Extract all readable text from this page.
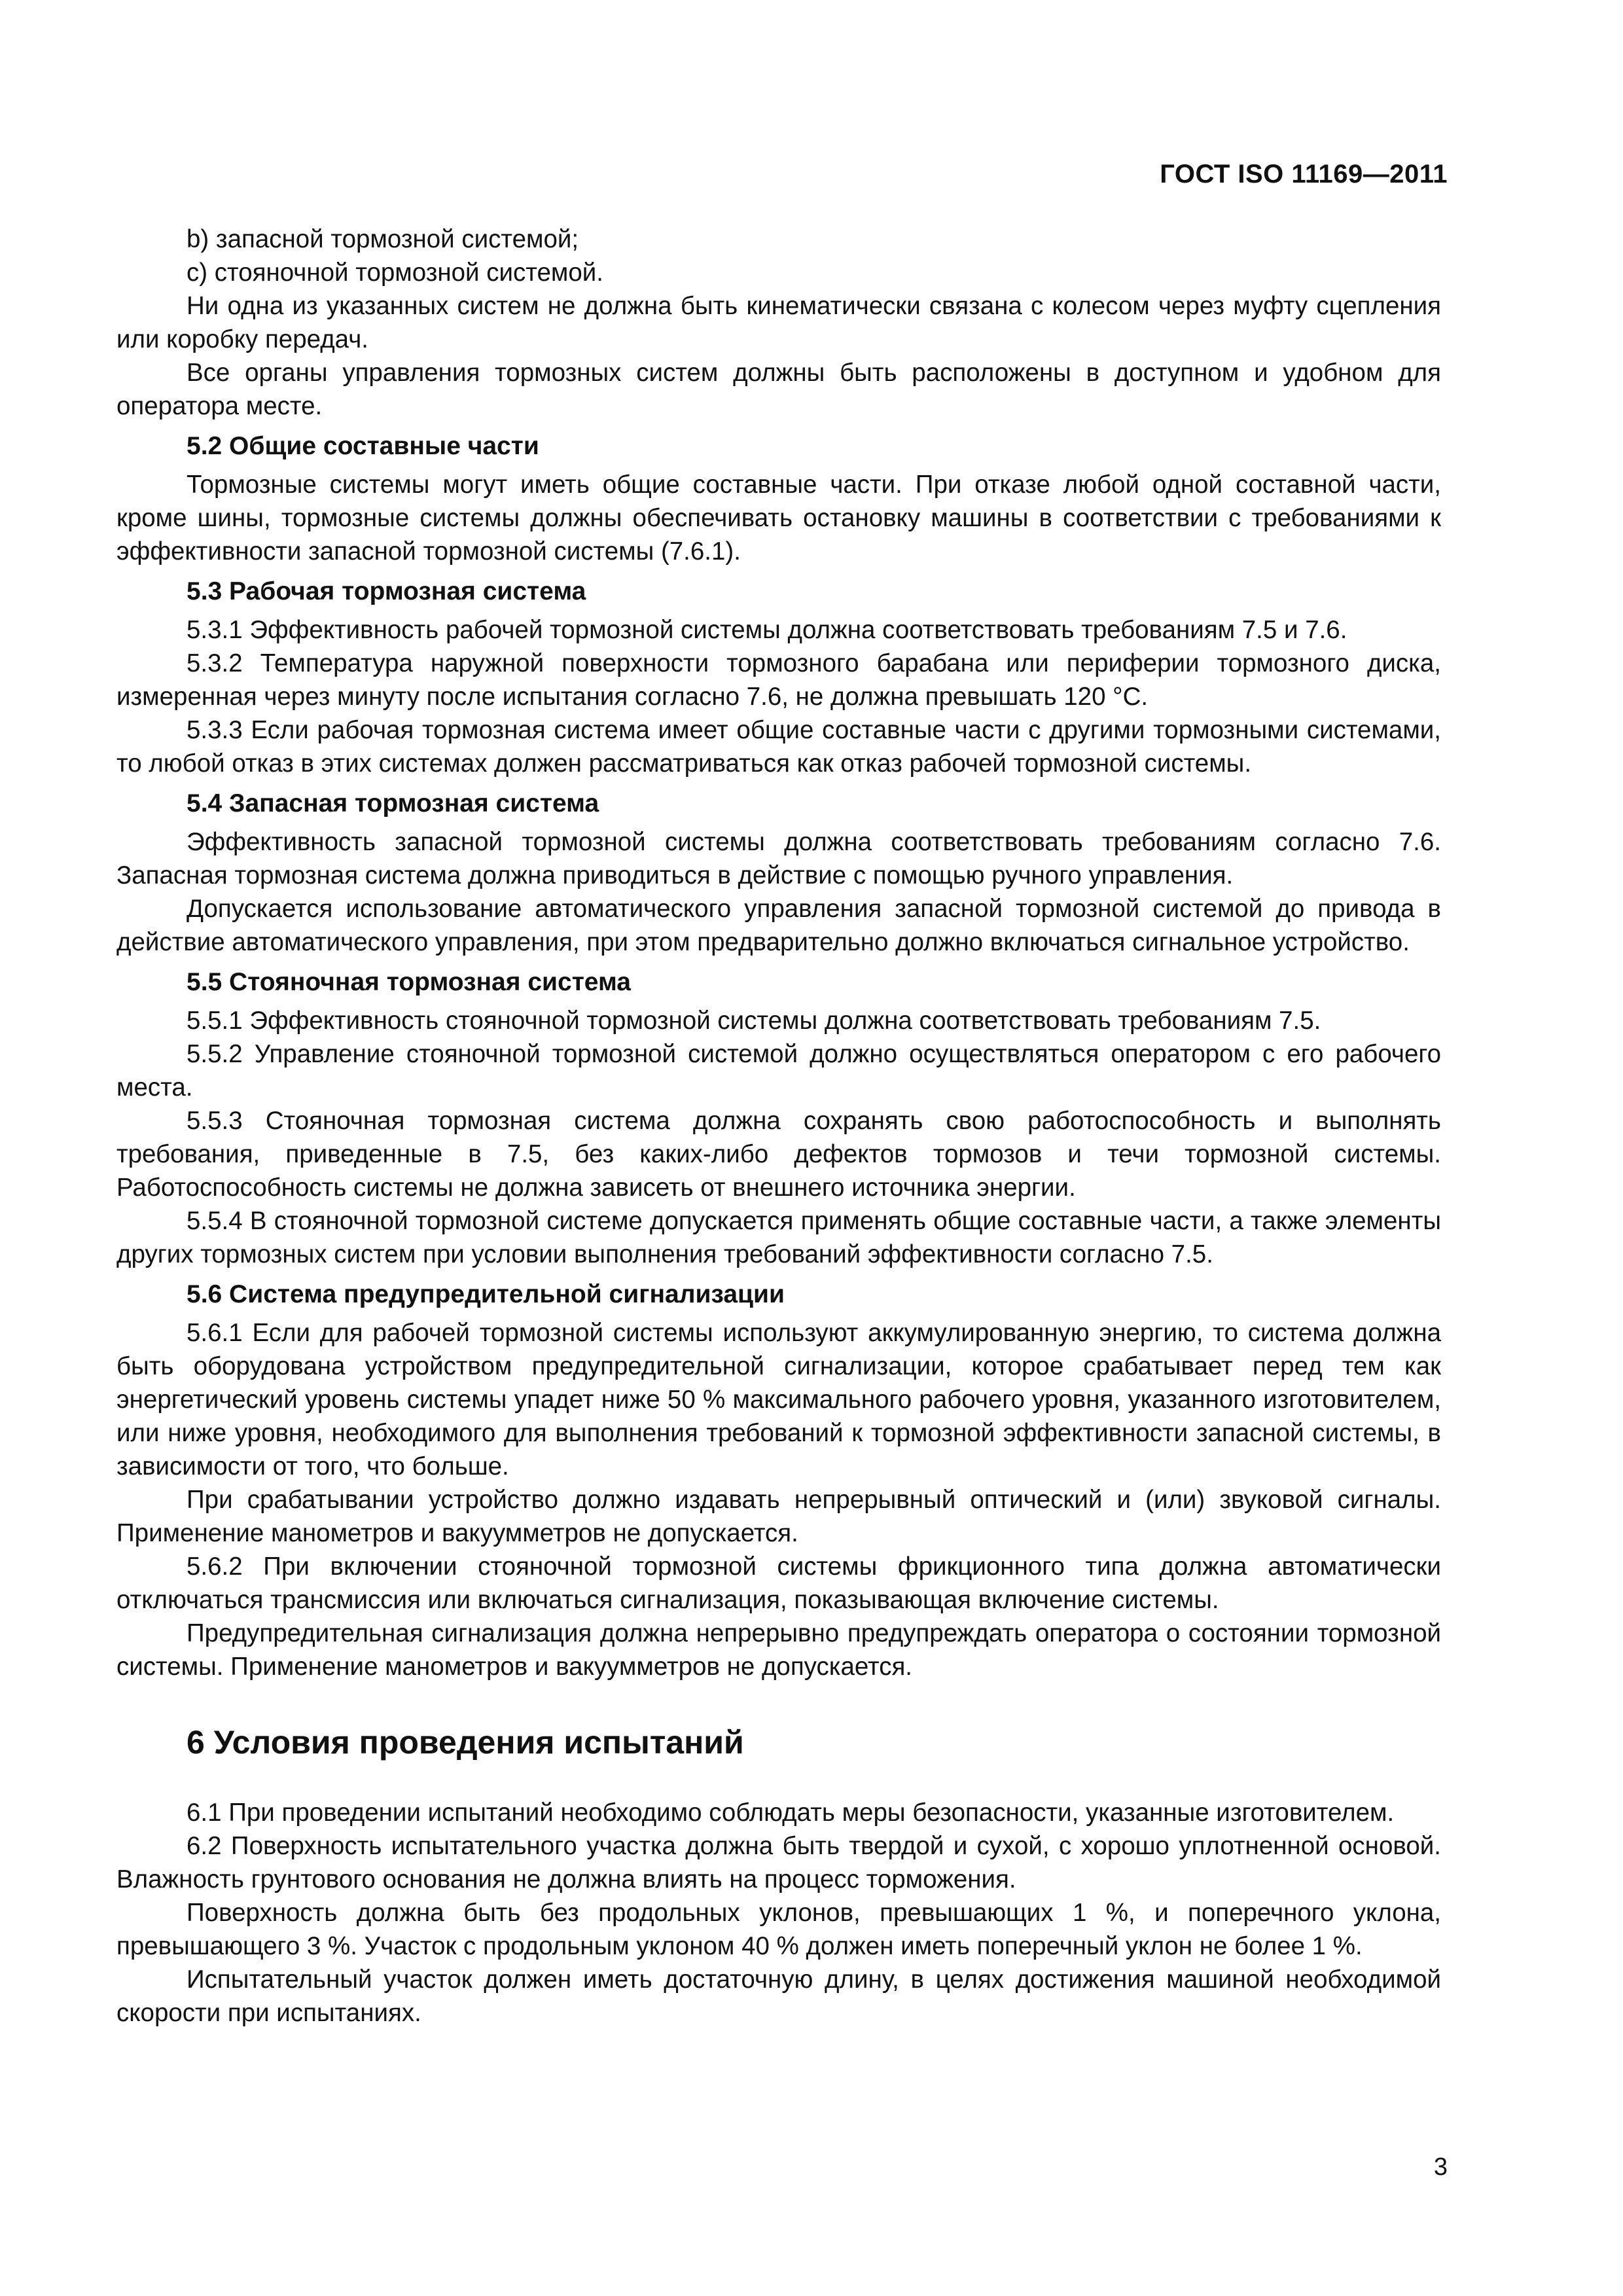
ГОСТ ISO 11169—2011

b) запасной тормозной системой;

c) стояночной тормозной системой.

Ни одна из указанных систем не должна быть кинематически связана с колесом через муфту сцепления или коробку передач.

Все органы управления тормозных систем должны быть расположены в доступном и удобном для оператора месте.

5.2 Общие составные части

Тормозные системы могут иметь общие составные части. При отказе любой одной составной части, кроме шины, тормозные системы должны обеспечивать остановку машины в соответствии с требованиями к эффективности запасной тормозной системы (7.6.1).

5.3 Рабочая тормозная система

5.3.1 Эффективность рабочей тормозной системы должна соответствовать требованиям 7.5 и 7.6.

5.3.2 Температура наружной поверхности тормозного барабана или периферии тормозного диска, измеренная через минуту после испытания согласно 7.6, не должна превышать 120 °С.

5.3.3 Если рабочая тормозная система имеет общие составные части с другими тормозными системами, то любой отказ в этих системах должен рассматриваться как отказ рабочей тормозной системы.

5.4 Запасная тормозная система

Эффективность запасной тормозной системы должна соответствовать требованиям согласно 7.6. Запасная тормозная система должна приводиться в действие с помощью ручного управления.

Допускается использование автоматического управления запасной тормозной системой до привода в действие автоматического управления, при этом предварительно должно включаться сигнальное устройство.

5.5 Стояночная тормозная система

5.5.1 Эффективность стояночной тормозной системы должна соответствовать требованиям 7.5.

5.5.2 Управление стояночной тормозной системой должно осуществляться оператором с его рабочего места.

5.5.3 Стояночная тормозная система должна сохранять свою работоспособность и выполнять требования, приведенные в 7.5, без каких-либо дефектов тормозов и течи тормозной системы. Работоспособность системы не должна зависеть от внешнего источника энергии.

5.5.4 В стояночной тормозной системе допускается применять общие составные части, а также элементы других тормозных систем при условии выполнения требований эффективности согласно 7.5.

5.6 Система предупредительной сигнализации

5.6.1 Если для рабочей тормозной системы используют аккумулированную энергию, то система должна быть оборудована устройством предупредительной сигнализации, которое срабатывает перед тем как энергетический уровень системы упадет ниже 50 % максимального рабочего уровня, указанного изготовителем, или ниже уровня, необходимого для выполнения требований к тормозной эффективности запасной системы, в зависимости от того, что больше.

При срабатывании устройство должно издавать непрерывный оптический и (или) звуковой сигналы. Применение манометров и вакуумметров не допускается.

5.6.2 При включении стояночной тормозной системы фрикционного типа должна автоматически отключаться трансмиссия или включаться сигнализация, показывающая включение системы.

Предупредительная сигнализация должна непрерывно предупреждать оператора о состоянии тормозной системы. Применение манометров и вакуумметров не допускается.

6 Условия проведения испытаний

6.1 При проведении испытаний необходимо соблюдать меры безопасности, указанные изготовителем.

6.2 Поверхность испытательного участка должна быть твердой и сухой, с хорошо уплотненной основой. Влажность грунтового основания не должна влиять на процесс торможения.

Поверхность должна быть без продольных уклонов, превышающих 1 %, и поперечного уклона, превышающего 3 %. Участок с продольным уклоном 40 % должен иметь поперечный уклон не более 1 %.

Испытательный участок должен иметь достаточную длину, в целях достижения машиной необходимой скорости при испытаниях.

3
